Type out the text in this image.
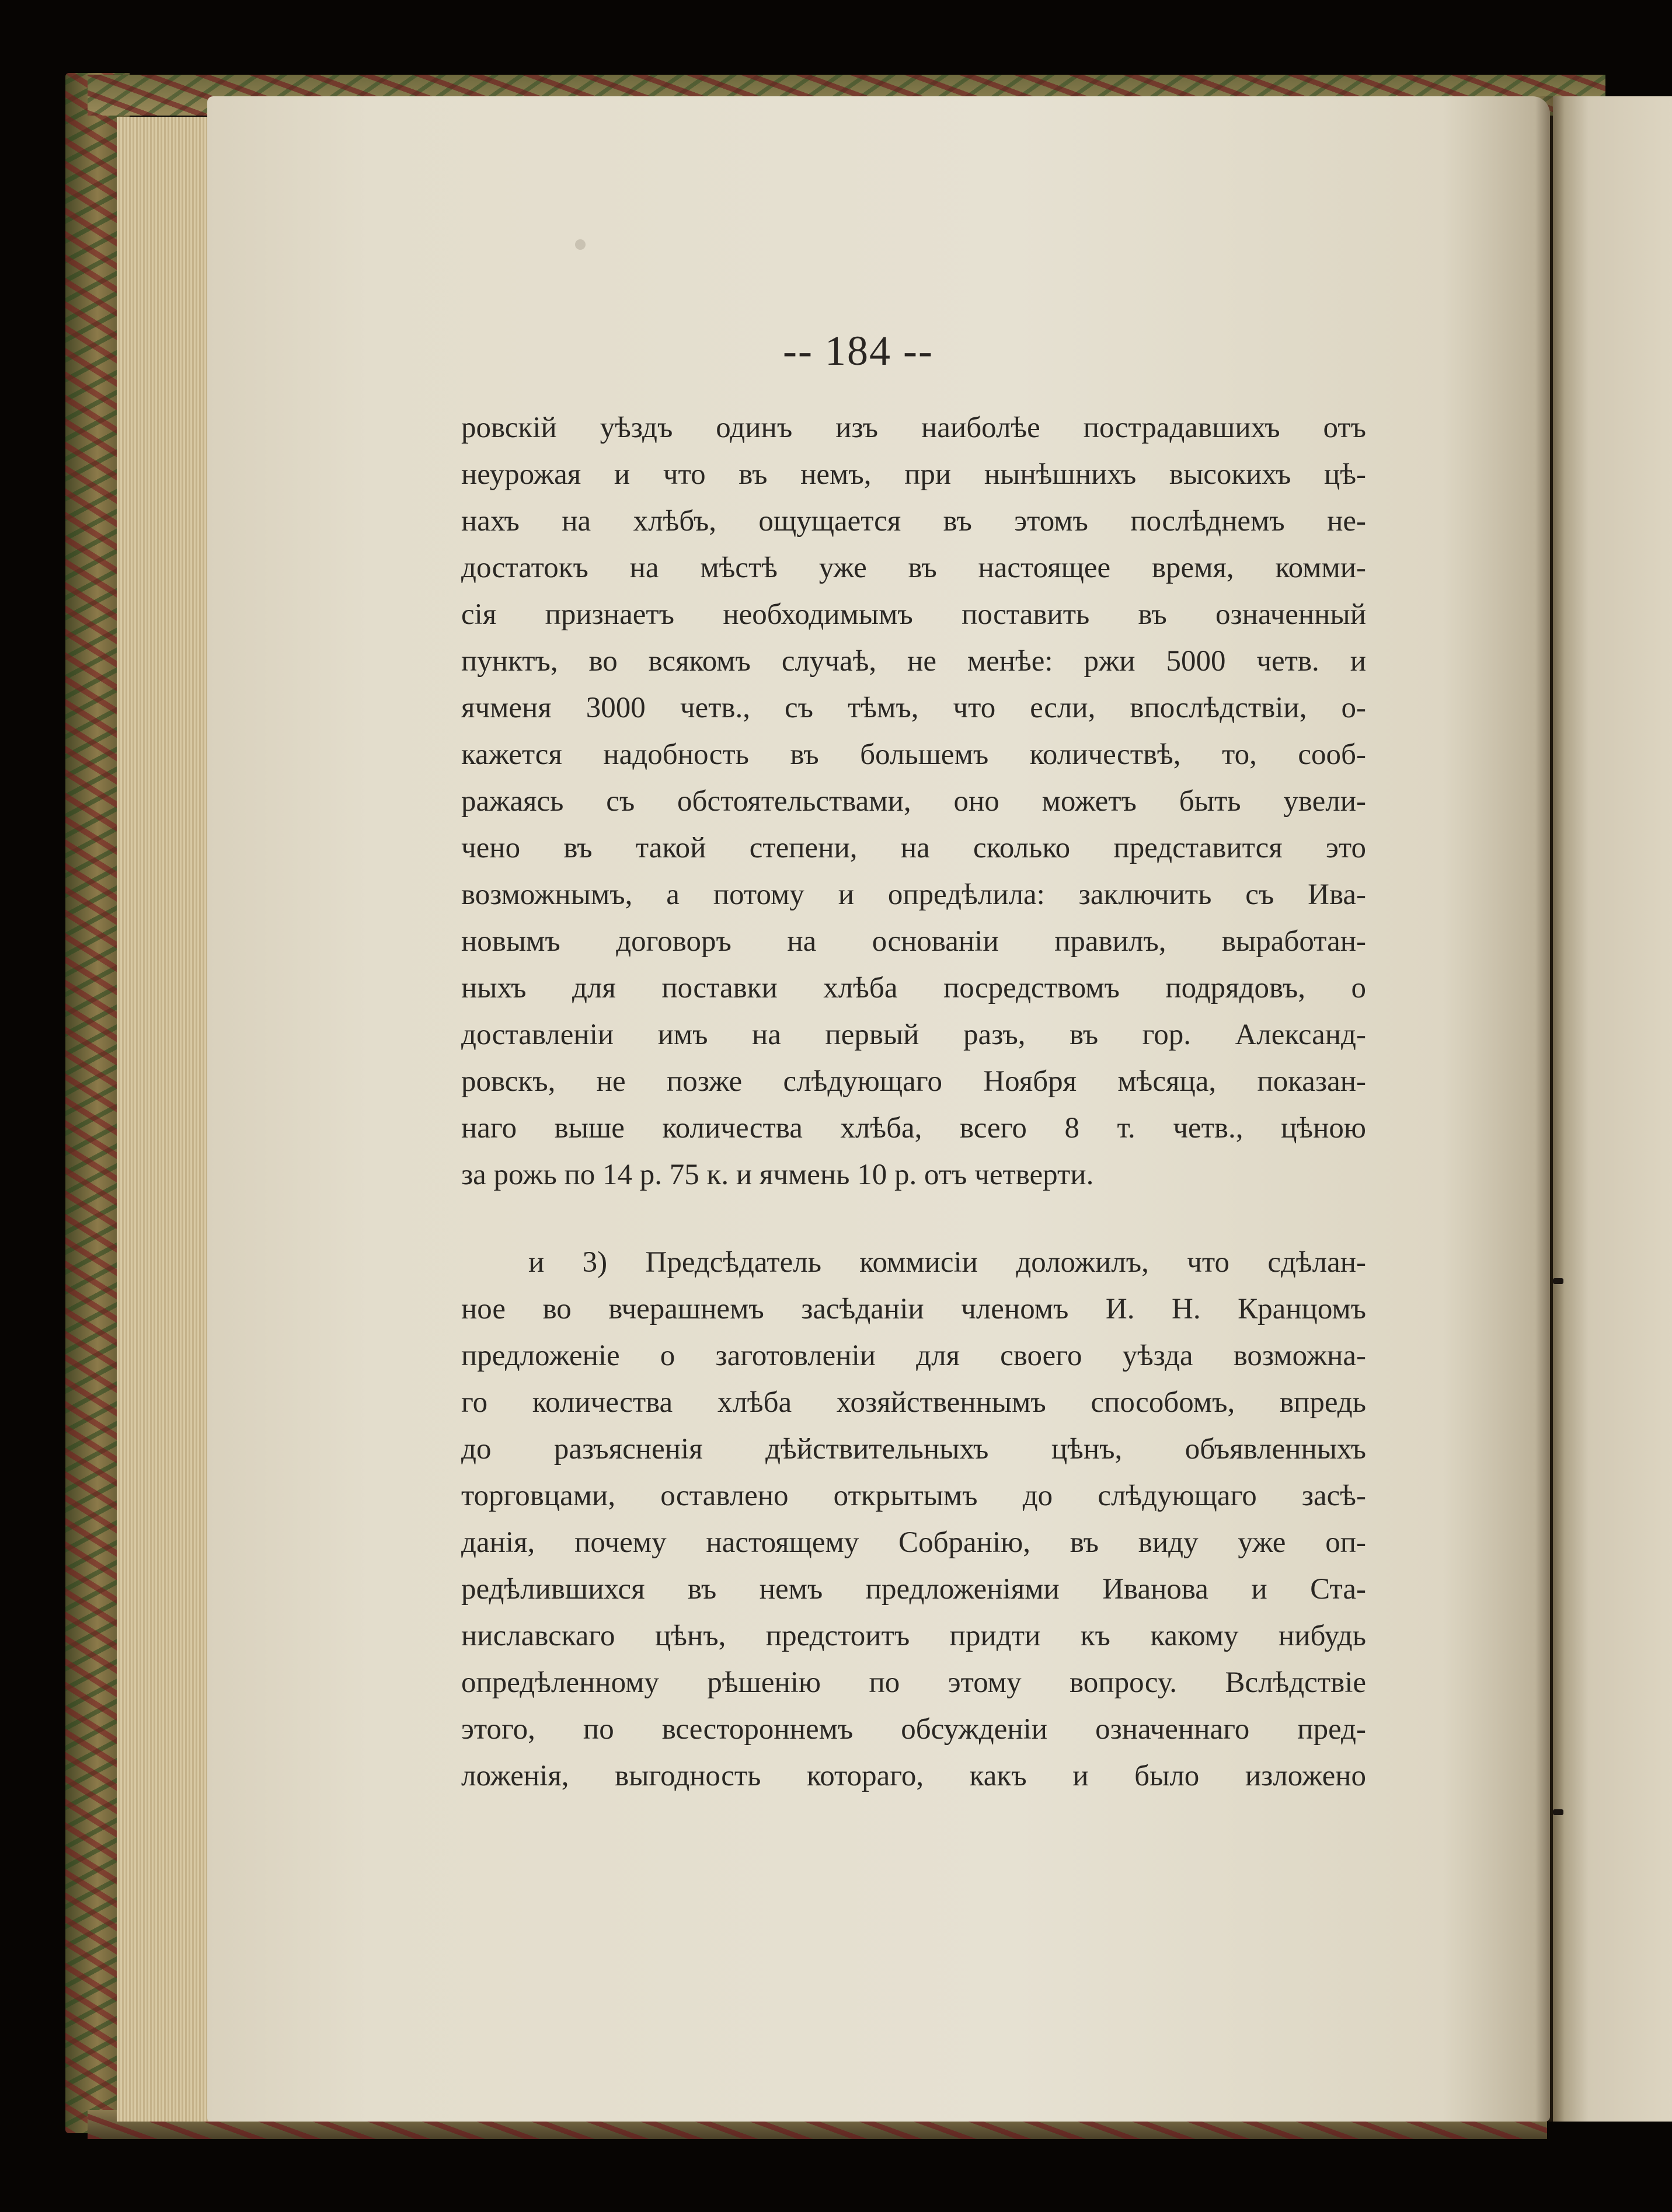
-- 184 --
ровскій уѣздъ одинъ изъ наиболѣе пострадавшихъ отъ
неурожая и что въ немъ, при нынѣшнихъ высокихъ цѣ-
нахъ на хлѣбъ, ощущается въ этомъ послѣднемъ не-
достатокъ на мѣстѣ уже въ настоящее время, комми-
сія признаетъ необходимымъ поставить въ означенный
пунктъ, во всякомъ случаѣ, не менѣе: ржи 5000 четв. и
ячменя 3000 четв., съ тѣмъ, что если, впослѣдствіи, о-
кажется надобность въ большемъ количествѣ, то, сооб-
ражаясь съ обстоятельствами, оно можетъ быть увели-
чено въ такой степени, на сколько представится это
возможнымъ, а потому и опредѣлила: заключить съ Ива-
новымъ договоръ на основаніи правилъ, выработан-
ныхъ для поставки хлѣба посредствомъ подрядовъ, о
доставленіи имъ на первый разъ, въ гор. Александ-
ровскъ, не позже слѣдующаго Ноября мѣсяца, показан-
наго выше количества хлѣба, всего 8 т. четв., цѣною
за рожь по 14 р. 75 к. и ячмень 10 р. отъ четверти.
и 3) Предсѣдатель коммисіи доложилъ, что сдѣлан-
ное во вчерашнемъ засѣданіи членомъ И. Н. Кранцомъ
предложеніе о заготовленіи для своего уѣзда возможна-
го количества хлѣба хозяйственнымъ способомъ, впредь
до разъясненія дѣйствительныхъ цѣнъ, объявленныхъ
торговцами, оставлено открытымъ до слѣдующаго засѣ-
данія, почему настоящему Собранію, въ виду уже оп-
редѣлившихся въ немъ предложеніями Иванова и Ста-
ниславскаго цѣнъ, предстоитъ придти къ какому нибудь
опредѣленному рѣшенію по этому вопросу. Вслѣдствіе
этого, по всестороннемъ обсужденіи означеннаго пред-
ложенія, выгодность котораго, какъ и было изложено
